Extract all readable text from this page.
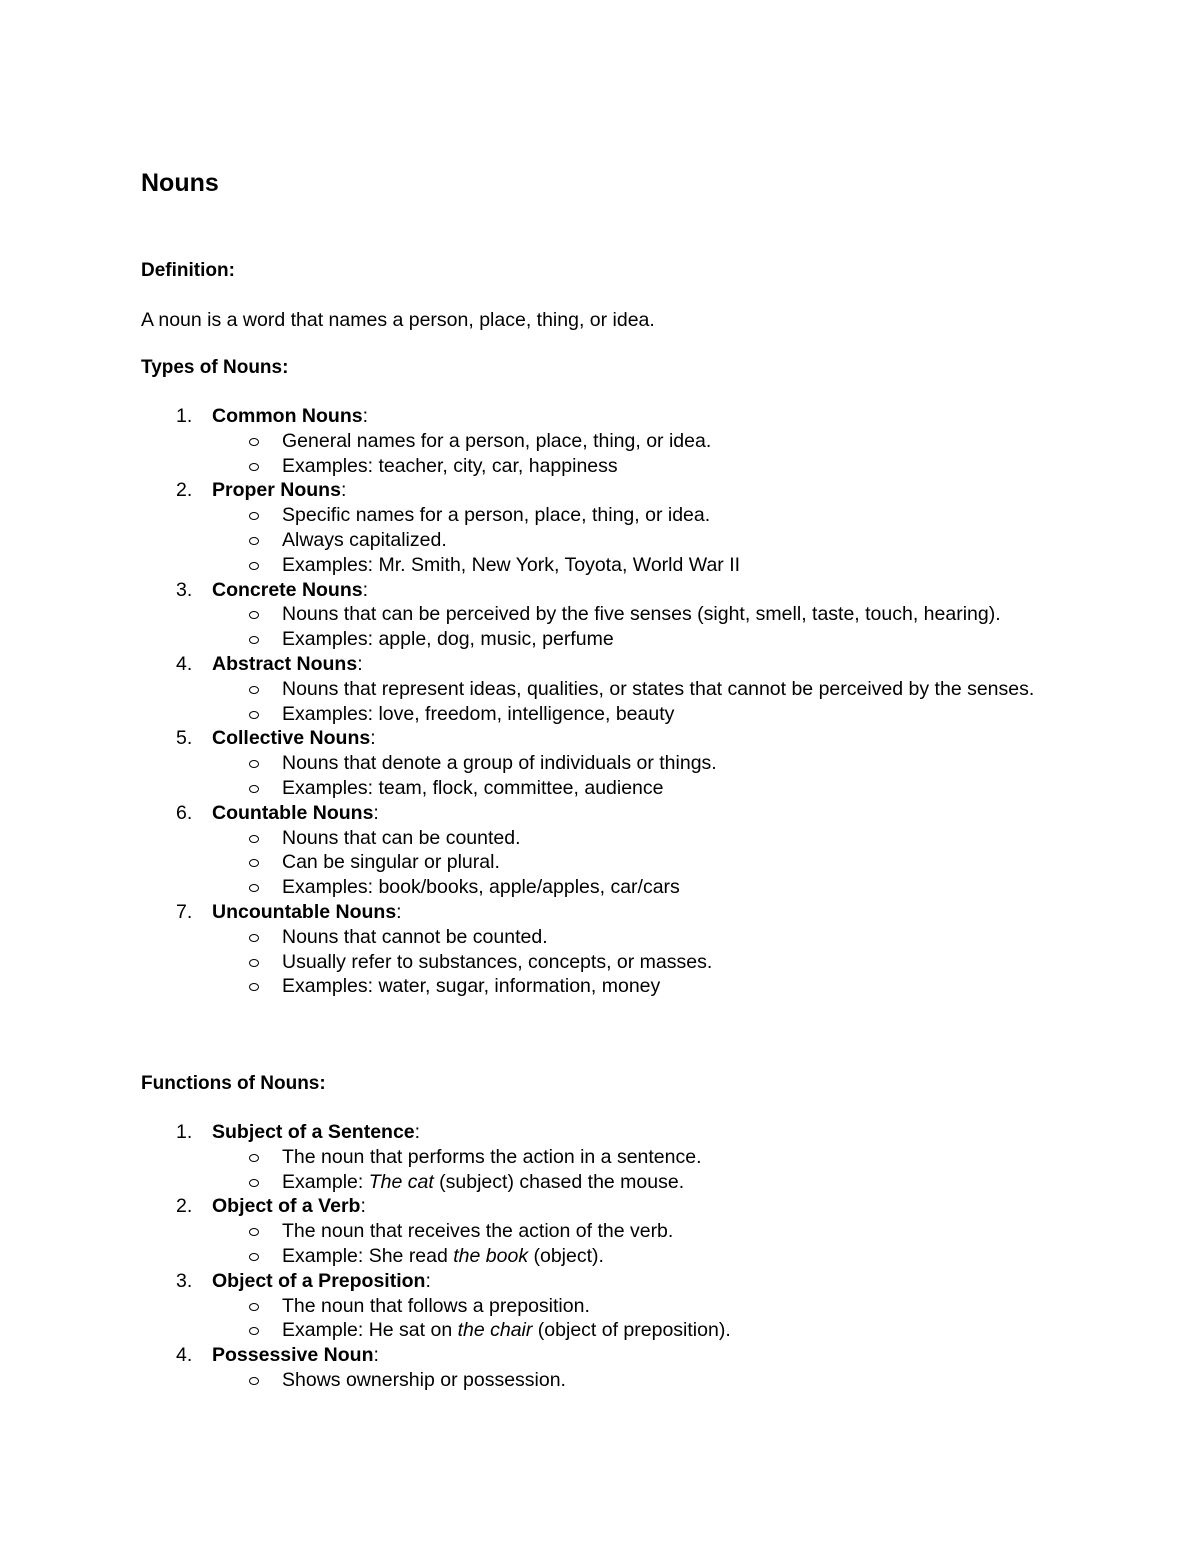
Nouns
Definition:

A noun is a word that names a person, place, thing, or idea.

Types of Nouns:
1.	Common Nouns:
General names for a person, place, thing, or idea.
Examples: teacher, city, car, happiness
2.	Proper Nouns:
Specific names for a person, place, thing, or idea.
Always capitalized.
Examples: Mr. Smith, New York, Toyota, World War II
3.	Concrete Nouns:
Nouns that can be perceived by the five senses (sight, smell, taste, touch, hearing).
Examples: apple, dog, music, perfume
4.	Abstract Nouns:
Nouns that represent ideas, qualities, or states that cannot be perceived by the senses.
Examples: love, freedom, intelligence, beauty
5.	Collective Nouns:
Nouns that denote a group of individuals or things.
Examples: team, flock, committee, audience
6.	Countable Nouns:
Nouns that can be counted.
Can be singular or plural.
Examples: book/books, apple/apples, car/cars
7.	Uncountable Nouns:
Nouns that cannot be counted.
Usually refer to substances, concepts, or masses.
Examples: water, sugar, information, money
Functions of Nouns:
1.	Subject of a Sentence:
The noun that performs the action in a sentence.
Example: The cat (subject) chased the mouse.
2.	Object of a Verb:
The noun that receives the action of the verb.
Example: She read the book (object).
3.	Object of a Preposition:
The noun that follows a preposition.
Example: He sat on the chair (object of preposition).
4.	Possessive Noun:
Shows ownership or possession.
